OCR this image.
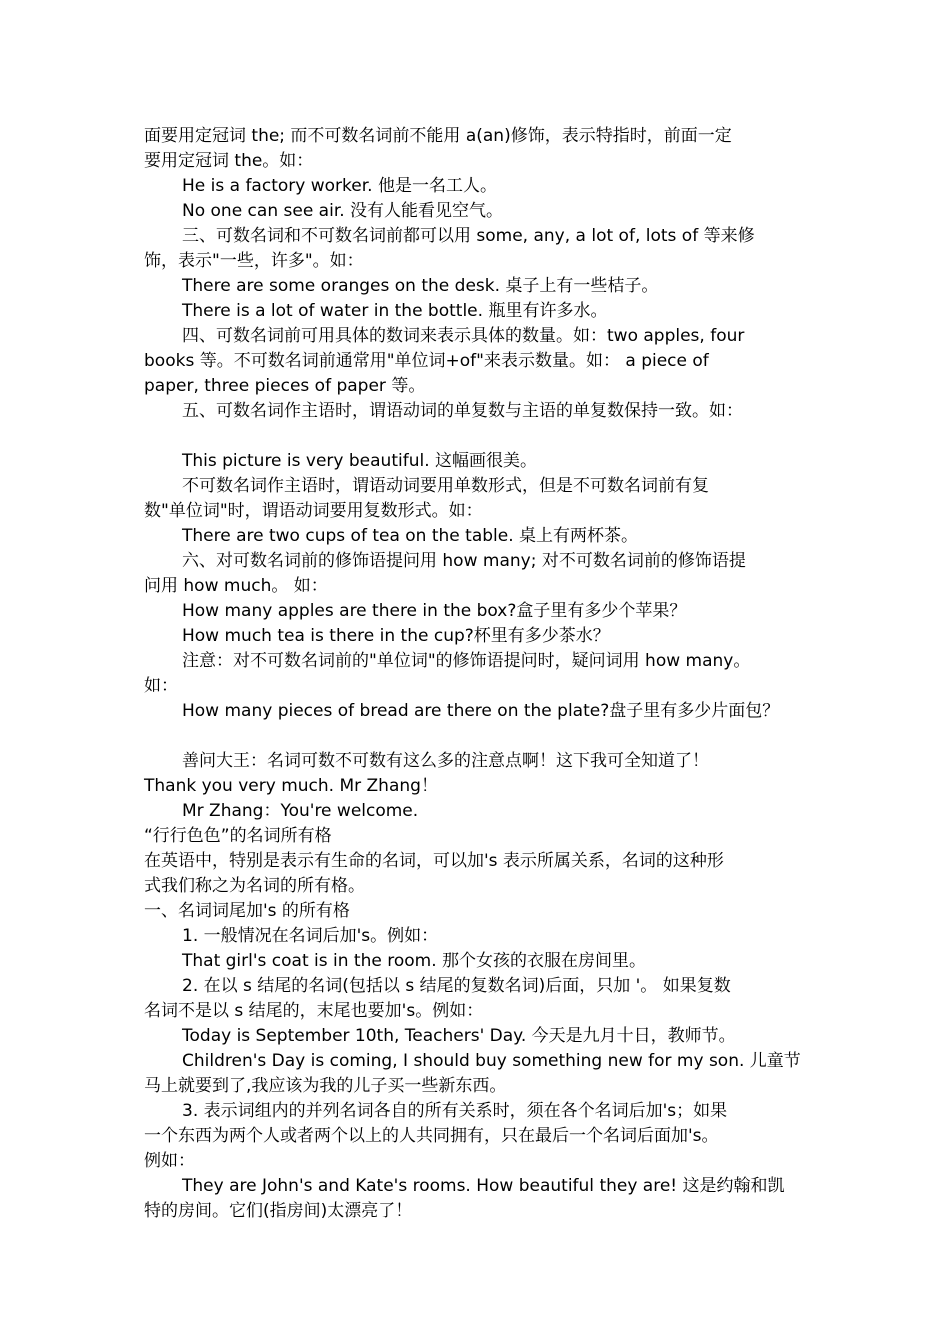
面要用定冠词 the; 而不可数名词前不能用 a(an)修饰，表示特指时，前面一定
要用定冠词 the。如：
He is a factory worker. 他是一名工人。
No one can see air. 没有人能看见空气。
三、可数名词和不可数名词前都可以用 some, any, a lot of, lots of 等来修
饰，表示"一些，许多"。如：
There are some oranges on the desk. 桌子上有一些桔子。
There is a lot of water in the bottle. 瓶里有许多水。
四、可数名词前可用具体的数词来表示具体的数量。如：two apples, four
books 等。不可数名词前通常用"单位词+of"来表示数量。如： a piece of
paper, three pieces of paper 等。
五、可数名词作主语时，谓语动词的单复数与主语的单复数保持一致。如：
This picture is very beautiful. 这幅画很美。
不可数名词作主语时，谓语动词要用单数形式，但是不可数名词前有复
数"单位词"时，谓语动词要用复数形式。如：
There are two cups of tea on the table. 桌上有两杯茶。
六、对可数名词前的修饰语提问用 how many; 对不可数名词前的修饰语提
问用 how much。 如：
How many apples are there in the box?盒子里有多少个苹果？
How much tea is there in the cup?杯里有多少茶水？
注意：对不可数名词前的"单位词"的修饰语提问时，疑问词用 how many。
如：
How many pieces of bread are there on the plate?盘子里有多少片面包？
善问大王：名词可数不可数有这么多的注意点啊！这下我可全知道了！
Thank you very much. Mr Zhang！
Mr Zhang：You're welcome.
“行行色色”的名词所有格
在英语中，特别是表示有生命的名词，可以加's 表示所属关系，名词的这种形
式我们称之为名词的所有格。
一、名词词尾加's 的所有格
1. 一般情况在名词后加's。例如：
That girl's coat is in the room. 那个女孩的衣服在房间里。
2. 在以 s 结尾的名词(包括以 s 结尾的复数名词)后面，只加 '。 如果复数
名词不是以 s 结尾的，末尾也要加's。例如：
Today is September 10th, Teachers' Day. 今天是九月十日，教师节。
Children's Day is coming, I should buy something new for my son. 儿童节
马上就要到了,我应该为我的儿子买一些新东西。
3. 表示词组内的并列名词各自的所有关系时，须在各个名词后加's；如果
一个东西为两个人或者两个以上的人共同拥有，只在最后一个名词后面加's。
例如：
They are John's and Kate's rooms. How beautiful they are! 这是约翰和凯
特的房间。它们(指房间)太漂亮了！
